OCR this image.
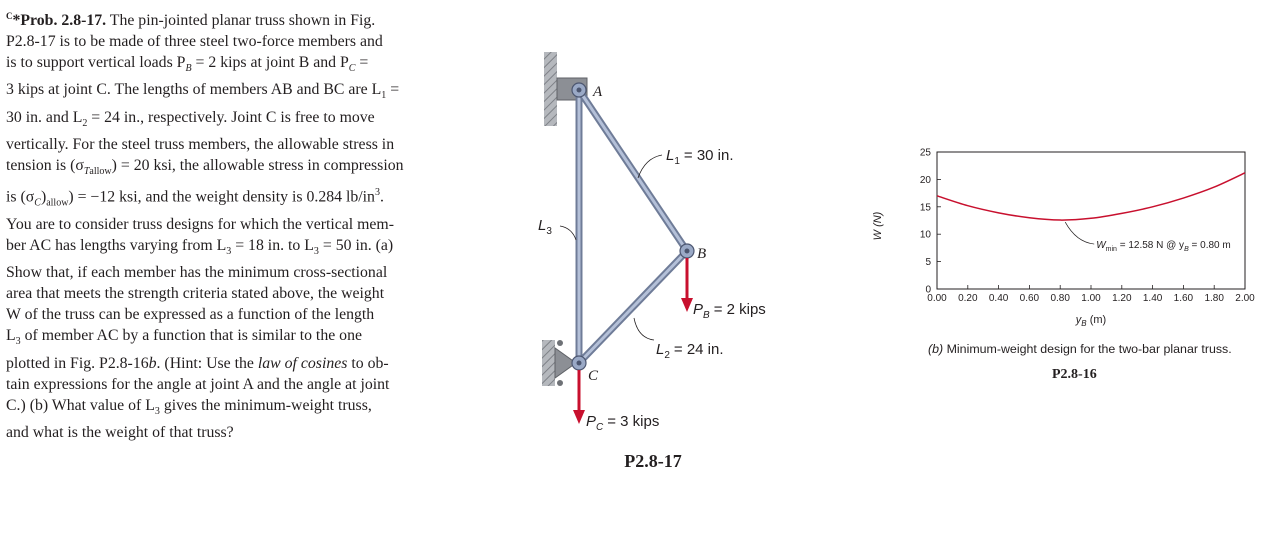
$^C$*Prob. 2.8-17. The pin-jointed planar truss shown in Fig.

P2.8-17 is to be made of three steel two-force members and

is to support vertical loads $P_B = 2$ kips at joint B and $P_C$ =

3 kips at joint C. The lengths of members AB and BC are $L_1$ =

30 in. and $L_2 = 24$ in., respectively. Joint C is free to move

vertically. For the steel truss members, the allowable stress in

tension is $(\sigma_{Tallow}) = 20$ ksi, the allowable stress in compression

is $(\sigma_C)_{allow}) = -12$ ksi, and the weight density is 0.284 $lb/in^3$.

You are to consider truss designs for which the vertical mem-

ber AC has lengths varying from $L_3 = 18$ in. to $L_3 = 50$ in. (a)

Show that, if each member has the minimum cross-sectional

area that meets the strength criteria stated above, the weight

W of the truss can be expressed as a function of the length

$L_3$ of member AC by a function that is similar to the one

plotted in Fig. P2.8-16b. (Hint: Use the law of cosines to ob-

tain expressions for the angle at joint A and the angle at joint

C.) (b) What value of $L_3$ gives the minimum-weight truss,

and what is the weight of that truss?

A
B
C
$L_1 = 30$ in.
$L_2 = 24$ in.
$L_3$
$P_B = 2$ kips
$P_C = 3$ kips
P2.8-17
W (N)
$y_B$ (m)
0.00 0.20 0.40 0.60 0.80 1.00 1.20 1.40 1.60 1.80 2.00
0
5
10
15
20
25
$W_{min} = 12.58$ N @ $y_B = 0.80$ m
(b) Minimum-weight design for the two-bar planar truss.
P2.8-16
